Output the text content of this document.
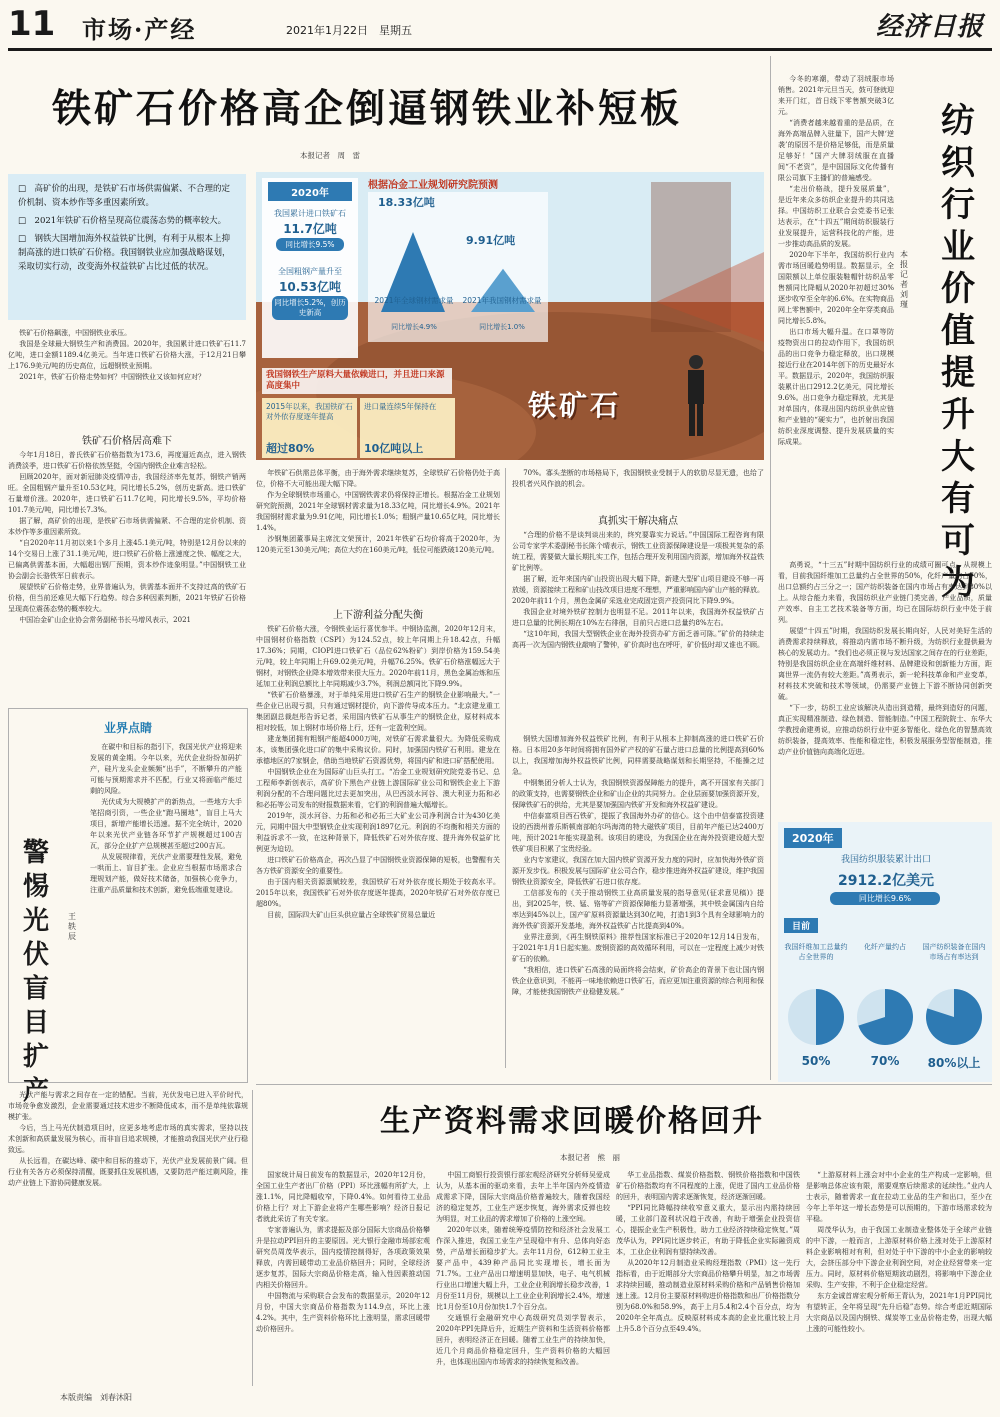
11 市场·产经	2021年1月22日　星期五	经济日报
铁矿石价格高企倒逼钢铁业补短板
本报记者　周　雷

□　高矿价的出现，是铁矿石市场供需偏紧、不合理的定价机制、资本炒作等多重因素所致。

□　2021年铁矿石价格呈现高位震荡态势的概率较大。

□　钢铁大国增加海外权益铁矿比例，有利于从根本上抑制高涨的进口铁矿石价格。我国钢铁业应加强战略谋划，采取切实行动，改变海外权益铁矿占比过低的状况。

铁矿石价格飙涨，中国钢铁业承压。

我国是全球最大钢铁生产和消费国。2020年，我国累计进口铁矿石11.7亿吨，进口金额1189.4亿美元。当年进口铁矿石价格大涨，于12月21日攀上176.9美元/吨的历史高位，远超钢铁业预期。

2021年，铁矿石价格走势如何？中国钢铁业又该如何应对？

铁矿石价格居高难下

今年1月18日，普氏铁矿石价格指数为173.6，再度逼近高点，进入钢铁消费淡季，进口铁矿石价格依然坚挺，令国内钢铁企业难言轻松。

回顾2020年，面对新冠肺炎疫情冲击，我国经济率先复苏，钢铁产销两旺。全国粗钢产量升至10.53亿吨，同比增长5.2%，创历史新高。进口铁矿石量增价涨。2020年，进口铁矿石11.7亿吨，同比增长9.5%，平均价格101.7美元/吨，同比增长7.3%。

据了解，高矿价的出现，是铁矿石市场供需偏紧、不合理的定价机制、资本炒作等多重因素所致。

“自2020年11月初以来1个多月上涨45.1美元/吨，特别是12月份以来的14个交易日上涨了31.1美元/吨，进口铁矿石价格上涨速度之快、幅度之大，已偏离供需基本面，大幅超出钢厂预期，资本炒作迹象明显。”中国钢铁工业协会副会长骆铁军日前表示。

展望铁矿石价格走势，业界普遍认为，供需基本面并不支持过高的铁矿石价格，但当前还难见大幅下行趋势。综合多种因素判断，2021年铁矿石价格呈现高位震荡态势的概率较大。

中国冶金矿山企业协会常务副秘书长马增风表示，2021

2020年
我国累计进口铁矿石
11.7亿吨
同比增长9.5%
全国粗钢产量升至
10.53亿吨
同比增长5.2%，创历史新高
根据冶金工业规划研究院预测
18.33亿吨
9.91亿吨
2021年全球钢材需求量 2021年我国钢材需求量
同比增长4.9%	同比增长1.0%
我国钢铁生产原料大量依赖进口，并且进口来源高度集中
2015年以来，我国铁矿石对外依存度逐年提高
超过80%
进口量连续5年保持在
10亿吨以上
铁矿石

年铁矿石供需总体平衡，由于海外需求继续复苏，全球铁矿石价格仍处于高位，价格不大可能出现大幅下降。

作为全球钢铁市场重心，中国钢铁需求仍将保持正增长。根据冶金工业规划研究院预测，2021年全球钢材需求量为18.33亿吨，同比增长4.9%。2021年我国钢材需求量为9.91亿吨，同比增长1.0%；粗钢产量10.65亿吨，同比增长1.4%。

沙钢集团董事局主席沈文荣预计，2021年铁矿石均价将高于2020年，为120美元至130美元/吨；高位大约在160美元/吨，低位可能跌破120美元/吨。

上下游利益分配失衡

铁矿石价格大涨，令钢铁业运行喜忧参半。中钢协监测，2020年12月末，中国钢材价格指数（CSPI）为124.52点，较上年同期上升18.42点，升幅17.36%；同期，CIOPI进口铁矿石（品位62%粉矿）到岸价格为159.54美元/吨，较上年同期上升69.02美元/吨，升幅76.25%。铁矿石价格涨幅远大于钢材，对钢铁企业降本增效带来很大压力。2020年前11月，黑色金属冶炼和压延加工业利润总额比上年同期减少3.7%，利润总额同比下降9.9%。

“铁矿石价格暴涨，对于单纯采用进口铁矿石生产的钢铁企业影响最大。”一些企业已出现亏损，只有通过钢材提价，向下游传导成本压力。“北京建龙重工集团副总裁赵彤告诉记者，采用国内铁矿石从事生产的钢铁企业，原材料成本相对较低，加上钢材市场价格上行，还有一定盈利空间。

建龙集团拥有粗钢产能超4000万吨，对铁矿石需求量很大。为降低采购成本，该集团强化进口矿的集中采购议价。同时，加强国内铁矿石利用。建龙在承德地区的7家钢企，借助当地铁矿石资源优势，将国内矿和进口矿搭配使用。

中国钢铁企业在为国际矿山巨头打工。“冶金工业规划研究院党委书记、总工程师李新创表示，高矿价下黑色产业链上游国际矿业公司和钢铁企业上下游利润分配的不合理问题比过去更加突出，从巴西淡水河谷、澳大利亚力拓和必和必拓等公司发布的财报数据来看，它们的利润普遍大幅增长。

2019年，淡水河谷、力拓和必和必拓三大矿业公司净利润合计为430亿美元，同期中国大中型钢铁企业实现利润1897亿元。利润的不均衡和相关方面的利益诉求不一致，在这种背景下，降低铁矿石对外依存度、提升海外权益矿比例更为迫切。

进口铁矿石价格高企，再次凸显了中国钢铁业资源保障的短板，也警醒有关各方铁矿资源安全的重要性。

由于国内相关资源禀赋较差，我国铁矿石对外依存度长期处于较高水平。2015年以来，我国铁矿石对外依存度逐年提高，2020年铁矿石对外依存度已超80%。

目前，国际四大矿山巨头供应量占全球铁矿贸易总量近

70%。寡头垄断的市场格局下，我国钢铁业受制于人的软肋尽显无遗，也给了投机者兴风作浪的机会。

真抓实干解决痛点

“合理的价格不是谈判谈出来的，终究要靠实力说话。”中国国际工程咨询有限公司专家学术委副秘书长陈个晴表示，钢铁工业资源保障建设是一项极其复杂的系统工程，需要做大量长期扎实工作，包括合理开发利用国内资源，增加海外权益铁矿比例等。

据了解，近年来国内矿山投资出现大幅下降，新建大型矿山项目建设不够一再放缓，资源接续工程和矿山技改项目进度不理想，严重影响国内矿山产能的释放。2020年前11个月，黑色金属矿采选业完成固定资产投资同比下降9.9%。

我国企业对境外铁矿控制力也明显不足。2011年以来，我国海外权益铁矿占进口总量的比例长期在10%左右徘徊，目前只占进口总量约8%左右。

“这10年间，我国大型钢铁企业在海外投资办矿方面乏善可陈。”矿价的持续走高再一次为国内钢铁业敲响了警钟，矿价高时也在呼吁，矿价低时却又谁也不顾。

钢铁大国增加海外权益铁矿比例，有利于从根本上抑制高涨的进口铁矿石价格。日本用20多年时间将拥有国外矿产权的矿石量占进口总量的比例提高到60%以上，我国增加海外权益铁矿比例，同样需要战略谋划和长期坚持，不能操之过急。

中钢集团分析人士认为，我国钢铁资源保障能力的提升，离不开国家有关部门的政策支持，也需要钢铁企业和矿山企业的共同努力。企业层面要加强资源开发，保障铁矿石的供给，尤其是要加强国内铁矿开发和海外权益矿建设。

中信泰富项目西石铁矿，提振了我国海外办矿的信心。这个由中信泰富投资建设的西澳州普乐斯顿南部帕尔玛海湾的特大磁铁矿项目，目前年产能已达2400万吨，预计2021年能实现盈利。该项目的建设，为我国企业在海外投资建设超大型铁矿项目积累了宝贵经验。

业内专家建议，我国在加大国内铁矿资源开发力度的同时，应加快海外铁矿资源开发步伐。积极发展与国际矿业公司合作，稳步推进海外权益矿建设，维护我国钢铁业资源安全，降低铁矿石进口依存度。

工信部发布的《关于推动钢铁工业高质量发展的指导意见(征求意见稿)》提出，到2025年，铁、锰、铬等矿产资源保障能力显著增强，其中铁金属国内自给率达到45%以上，国产矿原料资源量达到30亿吨，打造1到3个具有全球影响力的海外铁矿资源开发基地，海外权益铁矿占比提高到40%。

业界注意到，《再生钢铁原料》推荐性国家标准已于2020年12月14日发布，于2021年1月1日起实施。废钢资源的高效循环利用，可以在一定程度上减少对铁矿石的依赖。

“我相信，进口铁矿石高涨的局面终将会结束，矿价高企的背景下也让国内钢铁企业意识到，不能再一味地依赖进口铁矿石，而应更加注重资源的综合利用和保障，才能使我国钢铁产业稳健发展。”

纺织行业价值提升大有可为
本报记者　刘　瑾

今冬的寒潮，带动了羽绒服市场销售。2021年元旦当天，鼓可登就迎来开门红，首日线下零售额突破3亿元。

“消费者越来越看重的是品质，在海外高端品牌入驻量下，国产大牌‘逆袭’的原因不是价格足够低，而是质量足够好！”国产大牌羽绒服在直播间“不老资”，是中国国际文化传播有限公司旗下主播们的普遍感受。

“走出价格战，提升发展质量”，是近年来众多纺织企业提升的共同选择。中国纺织工业联合会党委书记张达表示，在“十四五”期间纺织服装行业发展提升，运营科技化的产能，进一步推动高品质的发展。

2020年下半年，我国纺织行业内需市场回暖趋势明显。数据显示，全国限额以上单位服装鞋帽针纺织品零售额同比降幅从2020年初超过30%逐步收窄至全年的6.6%。在实物商品网上零售额中，2020年全年穿类商品同比增长5.8%。

出口市场大幅升温。在口罩等防疫物资出口的拉动作用下，我国纺织品的出口竞争力稳定释放，出口规模接近行业在2014年创下的历史最好水平。数据显示，2020年，我国纺织服装累计出口2912.2亿美元，同比增长9.6%。出口竞争力稳定释放，尤其是对单国内，体现出国内纺织业供应链和产业链的“硬实力”，也折射出我国纺织业深度调整、提升发展质量的实际成果。

高勇说，“十三五”时期中国纺织行业的成绩可圈可点。从规模上看，目前我国纤维加工总量约占全世界的50%，化纤产量约占70%，出口总额约占三分之一；国产纺织装备在国内市场占有率达到80%以上。从综合能力来看，我国纺织业产业链门类完善，产业品质，质量产效率、自主工艺技术装备等方面，均已在国际纺织行业中处于前列。

展望“十四五”时期，我国纺织发展长期向好，人民对美好生活的消费需求持续释放，将推动内需市场不断升级，为纺织行业提供最为核心的发展动力。“我们也必须正视与发达国家之间存在的行业差距，特别是我国纺织企业在高端纤维材料、品牌建设和创新能力方面，距离世界一流仍有较大差距。”高勇表示，新一轮科技革命和产业变革，材料技术突破和技术等领域，仍需要产业链上下游不断协同创新突破。

“下一步，纺织工业应该解决从造出到造精，最终到造好的问题，真正实现精准制造、绿色制造、智能制造。”中国工程院院士、东华大学教授俞建勇说，应推动纺织行业中更多智能化、绿色化的智慧高效纺织装备，提高效率、性能和稳定性，积极发展服务型智能制造，推动产业价值链向高端化迈进。

2020年
我国纺织服装累计出口
2912.2亿美元
同比增长9.6%
目前
我国纤维加工总量约占全世界的
化纤产量约占	国产纺织装备在国内市场占有率达到
50%	70%	80%以上
业界点睛
警惕光伏盲目扩产
王轶辰

在碳中和目标的指引下，我国光伏产业将迎来发展的黄金期。今年以来，光伏企业纷纷加码扩产，硅片龙头企业频频“出手”，不断攀升的产能可能与预期需求并不匹配，行业又将面临产能过剩的风险。

光伏成为大规模扩产的新热点，一些地方大手笔招商引资，一些企业“跑马圈地”，盲目上马大项目，新增产能增长迅速。据不完全统计，2020年以来光伏产业链各环节扩产规模超过100吉瓦，部分企业扩产总规模甚至超过200吉瓦。

从发展规律看，光伏产业需要理性发展，避免一哄而上、盲目扩张。企业应当根据市场需求合理规划产能，做好技术储备，加强核心竞争力，注重产品质量和技术创新，避免低端重复建设。

光伏产能与需求之间存在一定的错配。当前，光伏发电已进入平价时代，市场竞争愈发激烈，企业需要通过技术进步不断降低成本，而不是单纯依靠规模扩张。

今后，当上马光伏制造项目时，应更多地考虑市场的真实需求，坚持以技术创新和高质量发展为核心，而非盲目追求规模，才能推动我国光伏产业行稳致远。

从长远看，在碳达峰、碳中和目标的推动下，光伏产业发展前景广阔。但行业有关各方必须保持清醒，既要抓住发展机遇，又要防范产能过剩风险，推动产业链上下游协同健康发展。

生产资料需求回暖价格回升
本报记者　熊　丽

国家统计局日前发布的数据显示，2020年12月份，全国工业生产者出厂价格（PPI）环比涨幅有所扩大，上涨1.1%，同比降幅收窄，下降0.4%。如何看待工业品价格上行？对上下游企业将产生哪些影响？经济日报记者就此采访了有关专家。

专家普遍认为，需求提振及部分国际大宗商品价格攀升是拉动PPI回升的主要原因。光大银行金融市场部宏观研究员周茂华表示，国内疫情控制得好，各项政策效果释放，内需回暖带动工业品价格回升；同时，全球经济逐步复苏，国际大宗商品价格走高，输入性因素推动国内相关价格回升。

中国物流与采购联合会发布的数据显示，2020年12月份，中国大宗商品价格指数为114.9点，环比上涨4.2%。其中，生产资料价格环比上涨明显，需求回暖带动价格回升。

中国工商银行投资银行部宏观经济研究分析师吴爱成认为，从基本面的驱动来看，去年上半年国内外疫情造成需求下降，国际大宗商品价格普遍较大，随着我国经济的稳定复苏，工业生产逐步恢复，海外需求反弹也较为明显，对工业品的需求增加了价格的上涨空间。

2020年以来，随着统筹疫情防控和经济社会发展工作深入推进，我国工业生产呈现稳中有升、总体向好态势，产品增长面稳步扩大。去年11月份，612种工业主要产品中，439种产品同比实现增长，增长面为71.7%。工业产品出口增速明显加快，电子、电气机械行业出口增速大幅上升，工业企业利润增长稳步改善，1月份至11月份，规模以上工业企业利润增长2.4%，增速比1月份至10月份加快1.7个百分点。

交通银行金融研究中心高级研究员刘学智表示，2020年PPI先降后升，近期生产资料和生活资料价格都回升，表明经济正在回暖。随着工业生产的持续加快，近几个月商品价格稳定回升，生产资料价格的大幅回升，也体现出国内市场需求的持续恢复和改善。

华工业品指数、煤炭价格指数、钢铁价格指数和中国铁矿石价格指数均有不同程度的上涨，促进了国内工业品价格的回升，表明国内需求逐渐恢复，经济逐渐回暖。

“PPI同比降幅持续收窄意义重大，显示出内需持续回暖，工业部门盈利状况趋于改善，有助于增强企业投资信心，提振企业生产积极性，助力工业经济持续稳定恢复。”周茂华认为，PPI同比逐步转正，有助于降低企业实际融资成本，工业企业利润有望持续改善。

从2020年12月制造业采购经理指数（PMI）这一先行指标看，由于近期部分大宗商品价格攀升明显，加之市场需求持续回暖，推动制造业原材料采购价格和产品销售价格加速上涨。12月份主要原材料购进价格指数和出厂价格指数分别为68.0%和58.9%，高于上月5.4和2.4个百分点，均为2020年全年高点。反映原材料成本高的企业比重比较上月上升5.8个百分点至49.4%。

“上游原材料上涨会对中小企业的生产构成一定影响，但是影响总体应该有限，需要观察后续需求的延续性。”业内人士表示，随着需求一直在拉动工业品的生产和出口，至少在今年上半年这一增长态势是可以预期的，下游市场需求较为平稳。

周茂华认为，由于我国工业制造业整体处于全球产业链的中下游，一般而言，上游原材料价格上涨对处于上游原材料企业影响相对有利，但对处于中下游的中小企业的影响较大，会挤压部分中下游企业利润空间，对企业经营带来一定压力。同时，原材料价格短期波动剧烈，将影响中下游企业采购、生产安排，不利于企业稳定经营。

东方金诚首席宏观分析师王青认为，2021年1月PPI同比有望转正，全年将呈现“先升后稳”态势。综合考虑近期国际大宗商品以及国内钢铁、煤炭等工业品价格走势，出现大幅上涨的可能性较小。

本版责编　刘春沐阳
